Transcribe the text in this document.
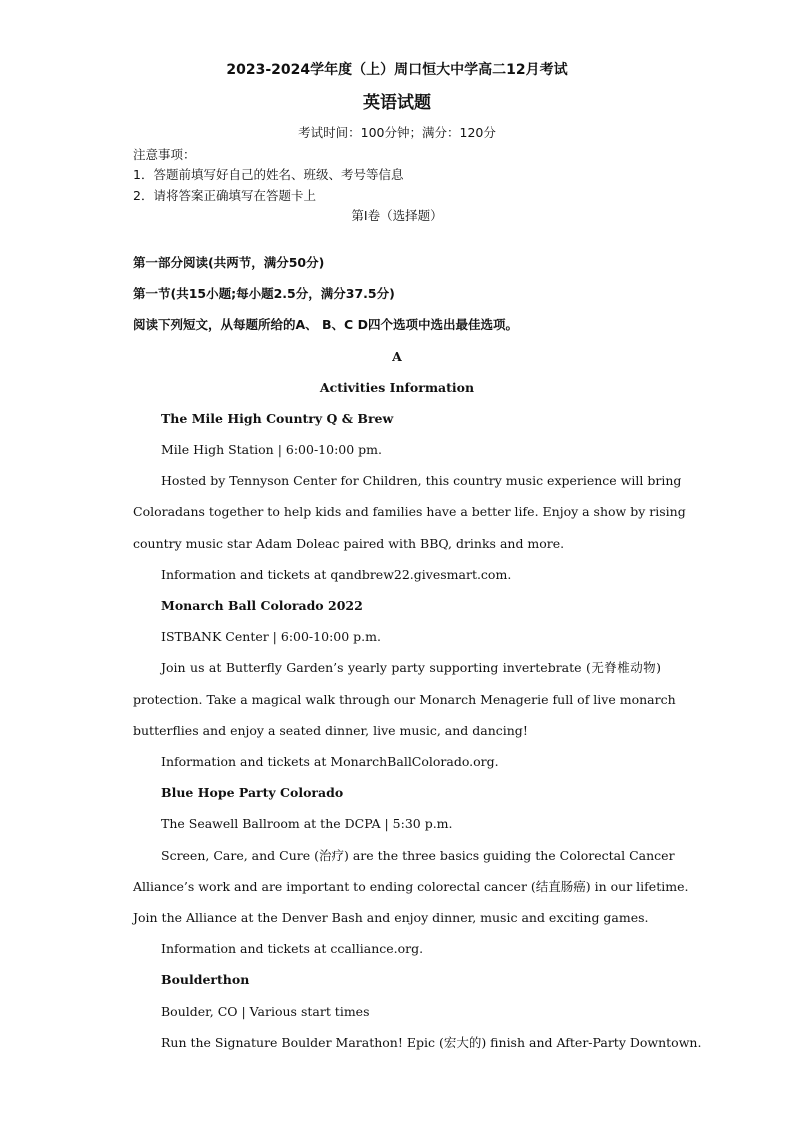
2023-2024学年度（上）周口恒大中学高二12月考试
英语试题
考试时间：100分钟；满分：120分
注意事项：
1．答题前填写好自己的姓名、班级、考号等信息
2．请将答案正确填写在答题卡上
第I卷（选择题）
第一部分阅读(共两节，满分50分)
第一节(共15小题;每小题2.5分，满分37.5分)
阅读下列短文，从每题所给的A、 B、C D四个选项中选出最佳选项。
A
Activities Information
The Mile High Country Q & Brew
Mile High Station | 6:00-10:00 pm.
Hosted by Tennyson Center for Children, this country music experience will bring
Coloradans together to help kids and families have a better life. Enjoy a show by rising
country music star Adam Doleac paired with BBQ, drinks and more.
Information and tickets at qandbrew22.givesmart.com.
Monarch Ball Colorado 2022
ISTBANK Center | 6:00-10:00 p.m.
Join us at Butterfly Garden’s yearly party supporting invertebrate (无脊椎动物)
protection. Take a magical walk through our Monarch Menagerie full of live monarch
butterflies and enjoy a seated dinner, live music, and dancing!
Information and tickets at MonarchBallColorado.org.
Blue Hope Party Colorado
The Seawell Ballroom at the DCPA | 5:30 p.m.
Screen, Care, and Cure (治疗) are the three basics guiding the Colorectal Cancer
Alliance’s work and are important to ending colorectal cancer (结直肠癌) in our lifetime.
Join the Alliance at the Denver Bash and enjoy dinner, music and exciting games.
Information and tickets at ccalliance.org.
Boulderthon
Boulder, CO | Various start times
Run the Signature Boulder Marathon! Epic (宏大的) finish and After-Party Downtown.
